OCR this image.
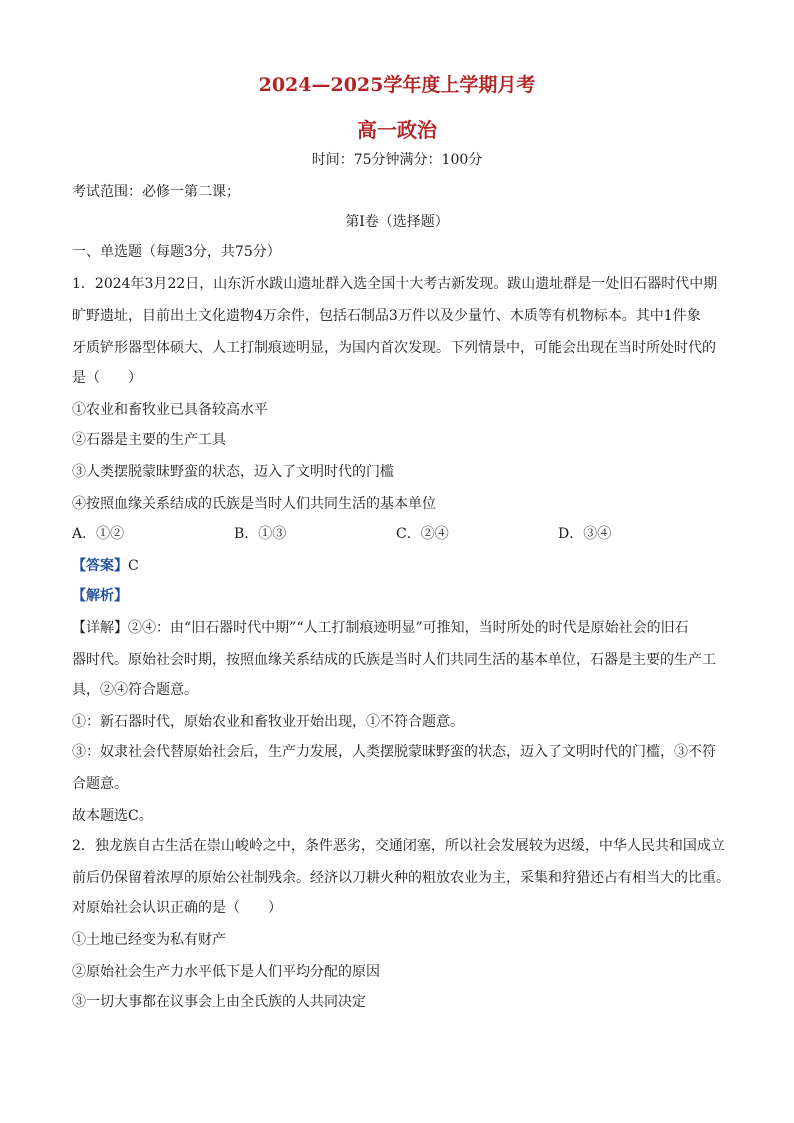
2024—2025学年度上学期月考
高一政治
时间：75分钟满分：100分
考试范围：必修一第二课；
第I卷（选择题）
一、单选题（每题3分，共75分）
1．2024年3月22日，山东沂水跋山遗址群入选全国十大考古新发现。跋山遗址群是一处旧石器时代中期
旷野遗址，目前出土文化遗物4万余件，包括石制品3万件以及少量竹、木质等有机物标本。其中1件象
牙质铲形器型体硕大、人工打制痕迹明显，为国内首次发现。下列情景中，可能会出现在当时所处时代的
是（　　）
①农业和畜牧业已具备较高水平
②石器是主要的生产工具
③人类摆脱蒙昧野蛮的状态，迈入了文明时代的门槛
④按照血缘关系结成的氏族是当时人们共同生活的基本单位
A．①②	B．①③	C．②④	D．③④
【答案】C
【解析】
【详解】②④：由“旧石器时代中期”“人工打制痕迹明显”可推知，当时所处的时代是原始社会的旧石
器时代。原始社会时期，按照血缘关系结成的氏族是当时人们共同生活的基本单位，石器是主要的生产工
具，②④符合题意。
①：新石器时代，原始农业和畜牧业开始出现，①不符合题意。
③：奴隶社会代替原始社会后，生产力发展，人类摆脱蒙昧野蛮的状态，迈入了文明时代的门槛，③不符
合题意。
故本题选C。
2．独龙族自古生活在崇山峻岭之中，条件恶劣，交通闭塞，所以社会发展较为迟缓，中华人民共和国成立
前后仍保留着浓厚的原始公社制残余。经济以刀耕火种的粗放农业为主，采集和狩猎还占有相当大的比重。
对原始社会认识正确的是（　　）
①土地已经变为私有财产
②原始社会生产力水平低下是人们平均分配的原因
③一切大事都在议事会上由全氏族的人共同决定
